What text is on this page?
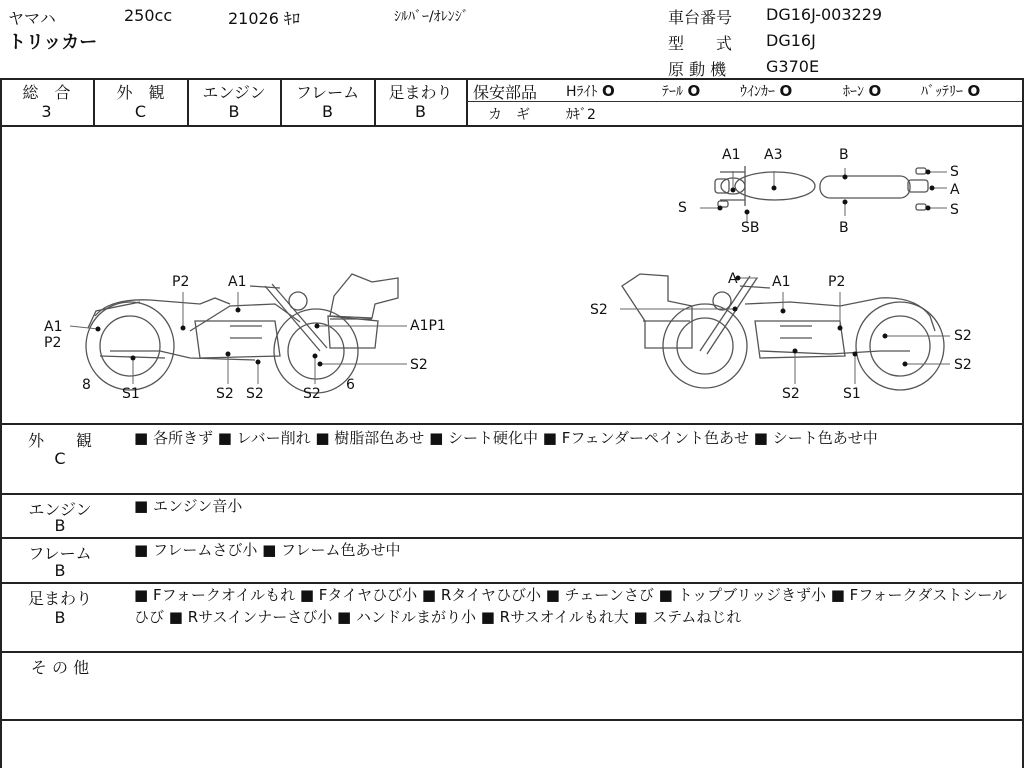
ヤマハ	250cc	21026 ｷﾛ	ｼﾙﾊﾞｰ/ｵﾚﾝｼﾞ
トリッカー
車台番号 DG16J-003229
型　　式 DG16J
原 動 機 G370E
総　合
3
外　観
C
エンジン
B
フレーム
B
足まわり
B
保安部品 Hﾗｲﾄ O	ﾃｰﾙ O	ｳｲﾝｶｰ O	ﾎｰﾝ O	ﾊﾞｯﾃﾘｰ O
カ　ギ	ｶｷﾞ2
A1 A3	B
S
A
S
S
SB	B
A1
P2
A1
P2
A1P1
S2
8
S1	S2 S2	S2
6
A A1	P2
S2
S2
S2
S2	S1
外　　観
C
■ 各所きず ■ レバー削れ ■ 樹脂部色あせ ■ シート硬化中 ■ Fフェンダーペイント色あせ ■ シート色あせ中
エンジン
B
■ エンジン音小
フレーム
B
■ フレームさび小 ■ フレーム色あせ中
足まわり
B
■ Fフォークオイルもれ ■ Fタイヤひび小 ■ Rタイヤひび小 ■ チェーンさび ■ トップブリッジきず小 ■ Fフォークダストシールひび ■ Rサスインナーさび小 ■ ハンドルまがり小 ■ Rサスオイルもれ大 ■ ステムねじれ
そ の 他
